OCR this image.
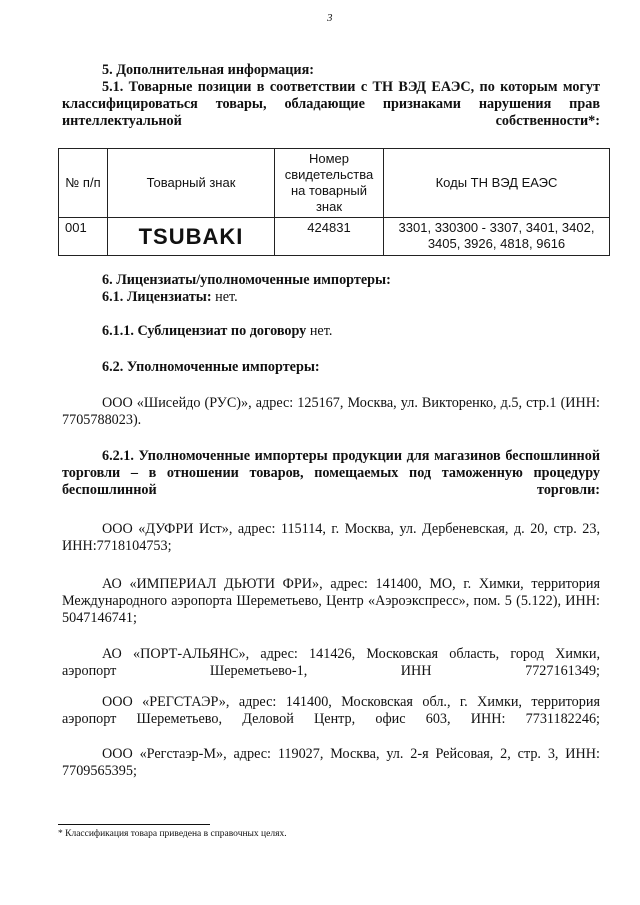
3
5. Дополнительная информация:
5.1. Товарные позиции в соответствии с ТН ВЭД ЕАЭС, по которым могут классифицироваться товары, обладающие признаками нарушения прав интеллектуальной собственности*:
№ п/п	Товарный знак	Номер свидетельства на товарный знак	Коды ТН ВЭД ЕАЭС
001	TSUBAKI	424831	3301, 330300 - 3307, 3401, 3402, 3405, 3926, 4818, 9616
6. Лицензиаты/уполномоченные импортеры:
6.1. Лицензиаты: нет.
6.1.1. Сублицензиат по договору нет.
6.2. Уполномоченные импортеры:
ООО «Шисейдо (РУС)», адрес: 125167, Москва, ул. Викторенко, д.5, стр.1 (ИНН: 7705788023).
6.2.1. Уполномоченные импортеры продукции для магазинов беспошлинной торговли – в отношении товаров, помещаемых под таможенную процедуру беспошлинной торговли:
ООО «ДУФРИ Ист», адрес: 115114, г. Москва, ул. Дербеневская, д. 20, стр. 23, ИНН:7718104753;
АО «ИМПЕРИАЛ ДЬЮТИ ФРИ», адрес: 141400, МО, г. Химки, территория Международного аэропорта Шереметьево, Центр «Аэроэкспресс», пом. 5 (5.122), ИНН: 5047146741;
АО «ПОРТ-АЛЬЯНС», адрес: 141426, Московская область, город Химки, аэропорт Шереметьево-1, ИНН 7727161349;
ООО «РЕГСТАЭР», адрес: 141400, Московская обл., г. Химки, территория аэропорт Шереметьево, Деловой Центр, офис 603, ИНН: 7731182246;
ООО «Регстаэр-М», адрес: 119027, Москва, ул. 2-я Рейсовая, 2, стр. 3, ИНН: 7709565395;
* Классификация товара приведена в справочных целях.
